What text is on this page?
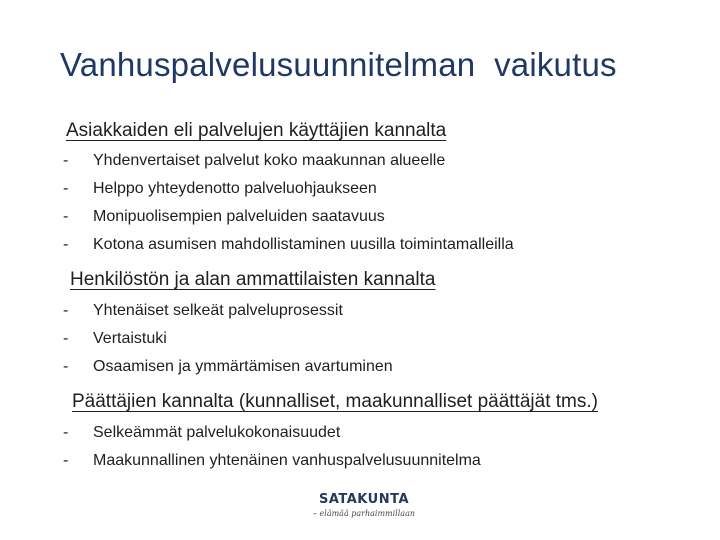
Vanhuspalvelusuunnitelman  vaikutus
Asiakkaiden eli palvelujen käyttäjien kannalta
-	Yhdenvertaiset palvelut koko maakunnan alueelle
-	Helppo yhteydenotto palveluohjaukseen
-	Monipuolisempien palveluiden saatavuus
-	Kotona asumisen mahdollistaminen uusilla toimintamalleilla
Henkilöstön ja alan ammattilaisten kannalta
-	Yhtenäiset selkeät palveluprosessit
-	Vertaistuki
-	Osaamisen ja ymmärtämisen avartuminen
Päättäjien kannalta (kunnalliset, maakunnalliset päättäjät tms.)
-	Selkeämmät palvelukokonaisuudet
-	Maakunnallinen yhtenäinen vanhuspalvelusuunnitelma
SATAKUNTA
– elämää parhaimmillaan
